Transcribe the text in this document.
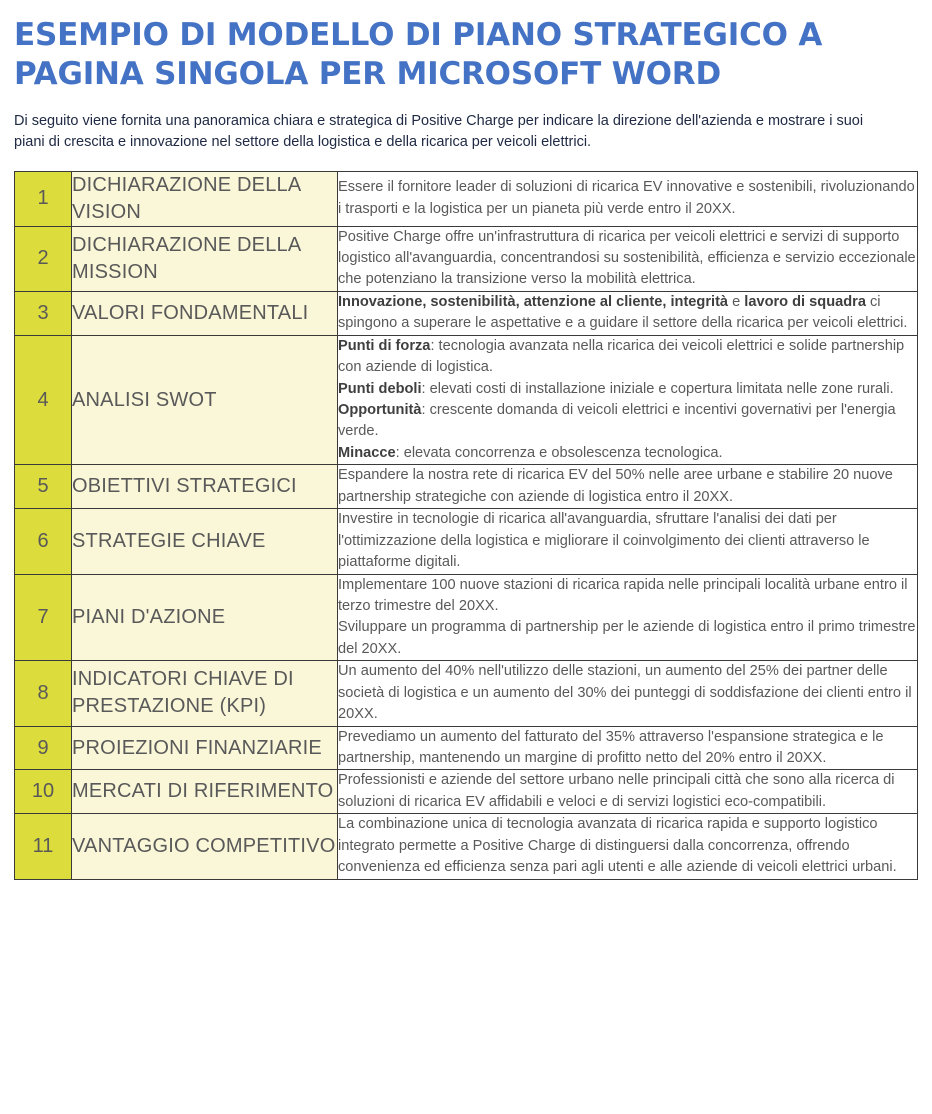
ESEMPIO DI MODELLO DI PIANO STRATEGICO A PAGINA SINGOLA PER MICROSOFT WORD

Di seguito viene fornita una panoramica chiara e strategica di Positive Charge per indicare la direzione dell'azienda e mostrare i suoi piani di crescita e innovazione nel settore della logistica e della ricarica per veicoli elettrici.

1	DICHIARAZIONE DELLA VISION	Essere il fornitore leader di soluzioni di ricarica EV innovative e sostenibili, rivoluzionando i trasporti e la logistica per un pianeta più verde entro il 20XX.

2	DICHIARAZIONE DELLA MISSION	Positive Charge offre un'infrastruttura di ricarica per veicoli elettrici e servizi di supporto logistico all'avanguardia, concentrandosi su sostenibilità, efficienza e servizio eccezionale che potenziano la transizione verso la mobilità elettrica.

3	VALORI FONDAMENTALI	Innovazione, sostenibilità, attenzione al cliente, integrità e lavoro di squadra ci spingono a superare le aspettative e a guidare il settore della ricarica per veicoli elettrici.

4	ANALISI SWOT	Punti di forza: tecnologia avanzata nella ricarica dei veicoli elettrici e solide partnership con aziende di logistica.
Punti deboli: elevati costi di installazione iniziale e copertura limitata nelle zone rurali.
Opportunità: crescente domanda di veicoli elettrici e incentivi governativi per l'energia verde.
Minacce: elevata concorrenza e obsolescenza tecnologica.

5	OBIETTIVI STRATEGICI	Espandere la nostra rete di ricarica EV del 50% nelle aree urbane e stabilire 20 nuove partnership strategiche con aziende di logistica entro il 20XX.

6	STRATEGIE CHIAVE	Investire in tecnologie di ricarica all'avanguardia, sfruttare l'analisi dei dati per l'ottimizzazione della logistica e migliorare il coinvolgimento dei clienti attraverso le piattaforme digitali.

7	PIANI D'AZIONE	Implementare 100 nuove stazioni di ricarica rapida nelle principali località urbane entro il terzo trimestre del 20XX.
Sviluppare un programma di partnership per le aziende di logistica entro il primo trimestre del 20XX.

8	INDICATORI CHIAVE DI PRESTAZIONE (KPI)	Un aumento del 40% nell'utilizzo delle stazioni, un aumento del 25% dei partner delle società di logistica e un aumento del 30% dei punteggi di soddisfazione dei clienti entro il 20XX.

9	PROIEZIONI FINANZIARIE	Prevediamo un aumento del fatturato del 35% attraverso l'espansione strategica e le partnership, mantenendo un margine di profitto netto del 20% entro il 20XX.

10	MERCATI DI RIFERIMENTO	Professionisti e aziende del settore urbano nelle principali città che sono alla ricerca di soluzioni di ricarica EV affidabili e veloci e di servizi logistici eco-compatibili.

11	VANTAGGIO COMPETITIVO	La combinazione unica di tecnologia avanzata di ricarica rapida e supporto logistico integrato permette a Positive Charge di distinguersi dalla concorrenza, offrendo convenienza ed efficienza senza pari agli utenti e alle aziende di veicoli elettrici urbani.
